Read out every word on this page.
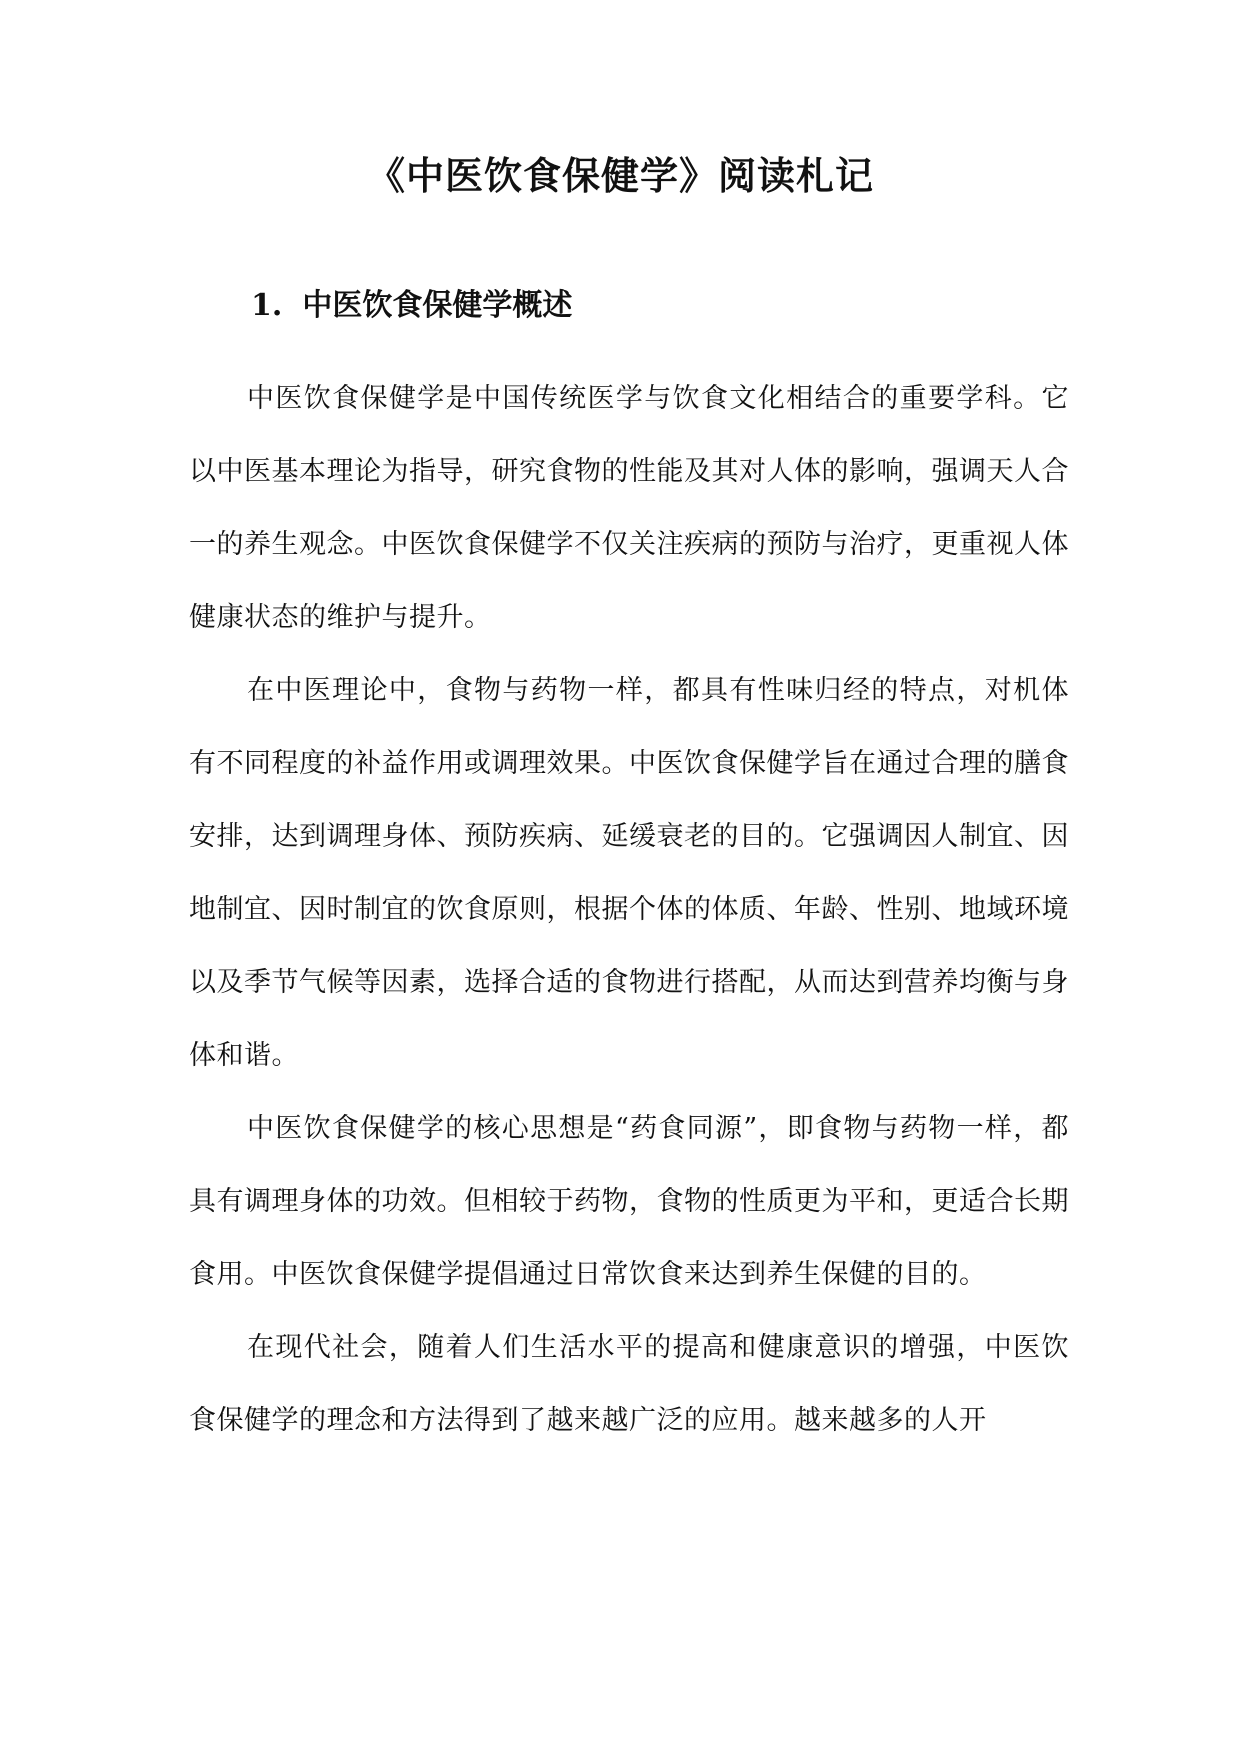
《中医饮食保健学》阅读札记
1. 中医饮食保健学概述

中医饮食保健学是中国传统医学与饮食文化相结合的重要学科。它以中医基本理论为指导，研究食物的性能及其对人体的影响，强调天人合一的养生观念。中医饮食保健学不仅关注疾病的预防与治疗，更重视人体健康状态的维护与提升。

在中医理论中，食物与药物一样，都具有性味归经的特点，对机体有不同程度的补益作用或调理效果。中医饮食保健学旨在通过合理的膳食安排，达到调理身体、预防疾病、延缓衰老的目的。它强调因人制宜、因地制宜、因时制宜的饮食原则，根据个体的体质、年龄、性别、地域环境以及季节气候等因素，选择合适的食物进行搭配，从而达到营养均衡与身体和谐。

中医饮食保健学的核心思想是“药食同源”，即食物与药物一样，都具有调理身体的功效。但相较于药物，食物的性质更为平和，更适合长期食用。中医饮食保健学提倡通过日常饮食来达到养生保健的目的。

在现代社会，随着人们生活水平的提高和健康意识的增强，中医饮食保健学的理念和方法得到了越来越广泛的应用。越来越多的人开
